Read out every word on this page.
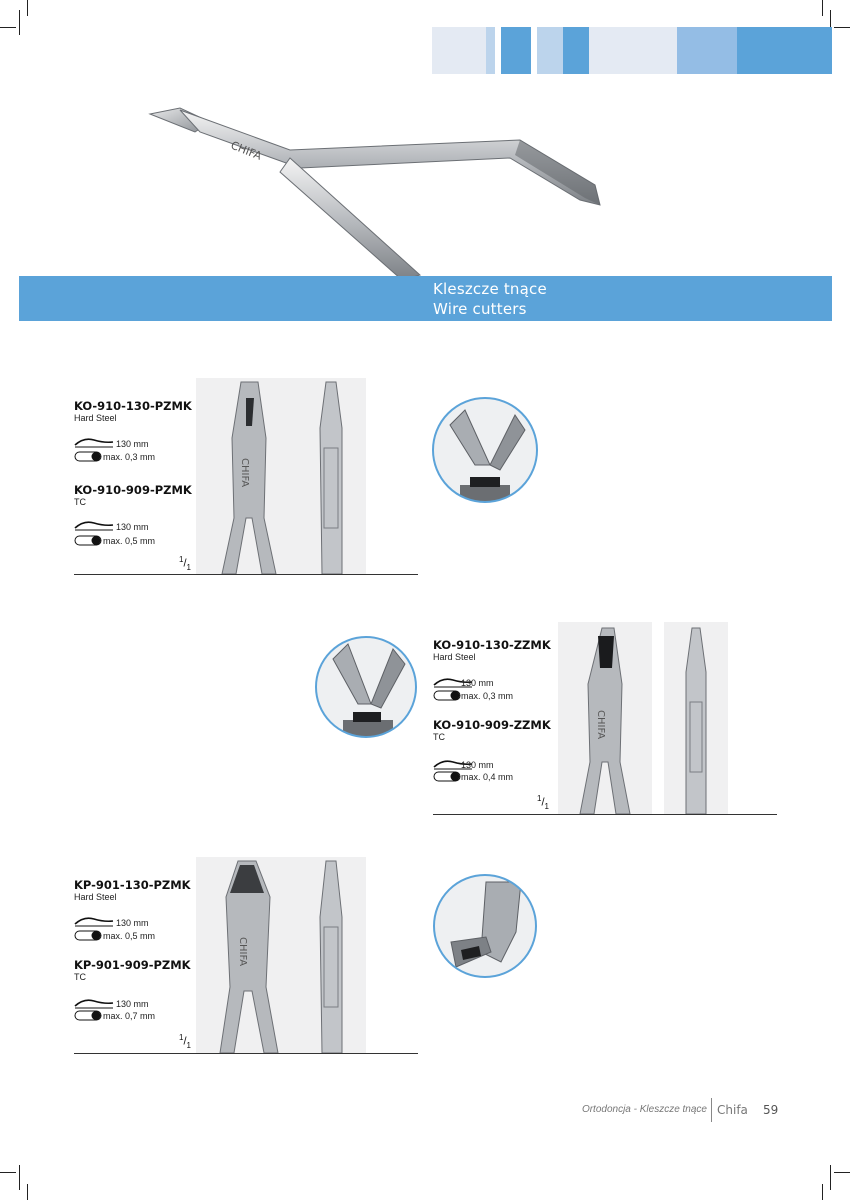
CHIFA
Kleszcze tnące
Wire cutters
KO-910-130-PZMK
Hard Steel
130 mm
max. 0,3 mm
KO-910-909-PZMK
TC
130 mm
max. 0,5 mm
$^1/_1$
CHIFA
KO-910-130-ZZMK
Hard Steel
130 mm
max. 0,3 mm
KO-910-909-ZZMK
TC
130 mm
max. 0,4 mm
$^1/_1$
CHIFA
KP-901-130-PZMK
Hard Steel
130 mm
max. 0,5 mm
KP-901-909-PZMK
TC
130 mm
max. 0,7 mm
$^1/_1$
CHIFA
Ortodoncja - Kleszcze tnące Chifa 59
